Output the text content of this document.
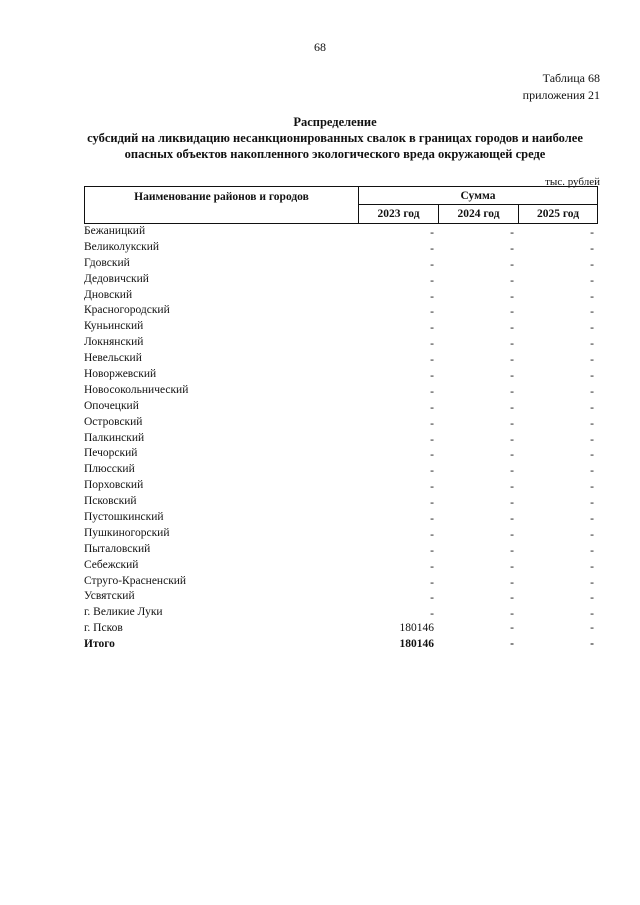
68
Таблица 68
приложения 21
Распределение
субсидий на ликвидацию несанкционированных свалок в границах городов и наиболее
опасных объектов накопленного экологического вреда окружающей среде
тыс. рублей
Наименование районов и городов	Сумма
2023 год	2024 год	2025 год
Бежаницкий	-	-	-
Великолукский	-	-	-
Гдовский	-	-	-
Дедовичский	-	-	-
Дновский	-	-	-
Красногородский	-	-	-
Куньинский	-	-	-
Локнянский	-	-	-
Невельский	-	-	-
Новоржевский	-	-	-
Новосокольнический	-	-	-
Опочецкий	-	-	-
Островский	-	-	-
Палкинский	-	-	-
Печорский	-	-	-
Плюсский	-	-	-
Порховский	-	-	-
Псковский	-	-	-
Пустошкинский	-	-	-
Пушкиногорский	-	-	-
Пыталовский	-	-	-
Себежский	-	-	-
Струго-Красненский	-	-	-
Усвятский	-	-	-
г. Великие Луки	-	-	-
г. Псков	180146	-	-
Итого	180146	-	-
